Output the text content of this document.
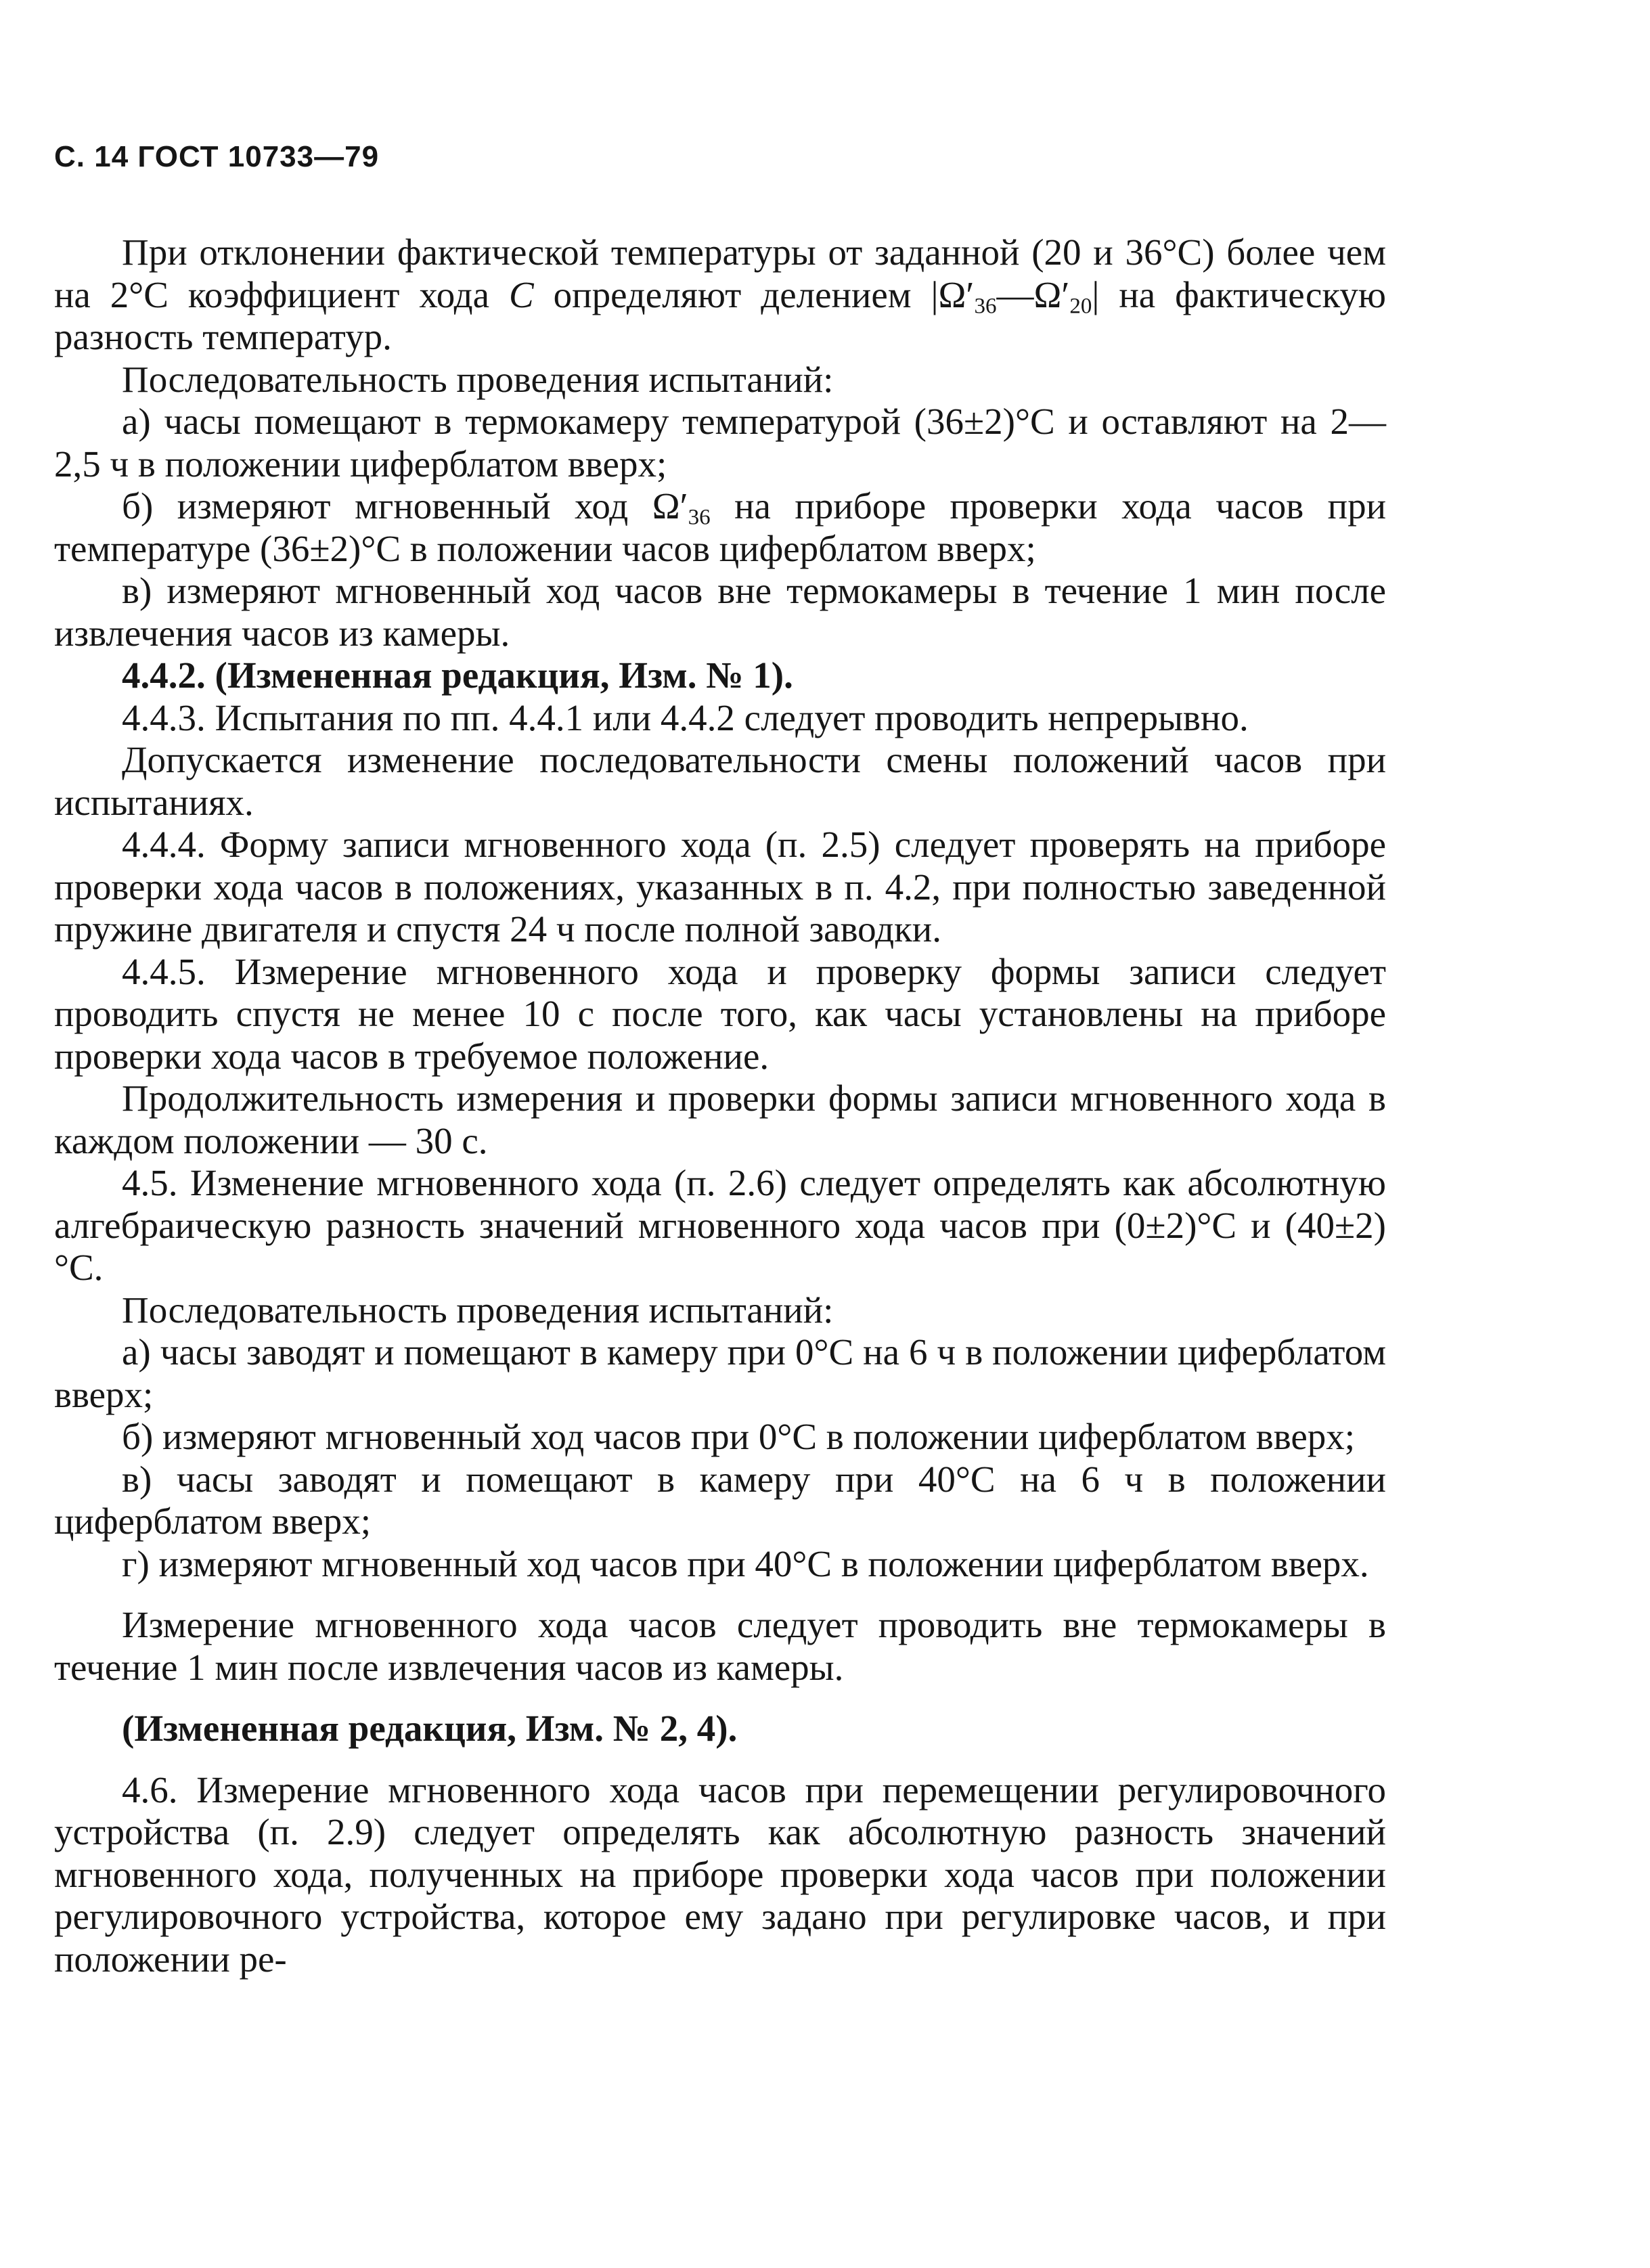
С. 14 ГОСТ 10733—79

При отклонении фактической температуры от заданной (20 и 36°С) более чем на 2°С коэффициент хода C определяют делением $|\Omega'_{36}—\Omega'_{20}|$ на фактическую разность температур.

Последовательность проведения испытаний:

а) часы помещают в термокамеру температурой (36±2)°С и оставляют на 2—2,5 ч в положении циферблатом вверх;

б) измеряют мгновенный ход $\Omega'_{36}$ на приборе проверки хода часов при температуре (36±2)°С в положении часов циферблатом вверх;

в) измеряют мгновенный ход часов вне термокамеры в течение 1 мин после извлечения часов из камеры.

4.4.2. (Измененная редакция, Изм. № 1).

4.4.3. Испытания по пп. 4.4.1 или 4.4.2 следует проводить непрерывно.

Допускается изменение последовательности смены положений часов при испытаниях.

4.4.4. Форму записи мгновенного хода (п. 2.5) следует проверять на приборе проверки хода часов в положениях, указанных в п. 4.2, при полностью заведенной пружине двигателя и спустя 24 ч после полной заводки.

4.4.5. Измерение мгновенного хода и проверку формы записи следует проводить спустя не менее 10 с после того, как часы установлены на приборе проверки хода часов в требуемое положение.

Продолжительность измерения и проверки формы записи мгновенного хода в каждом положении — 30 с.

4.5. Изменение мгновенного хода (п. 2.6) следует определять как абсолютную алгебраическую разность значений мгновенного хода часов при (0±2)°С и (40±2)°С.

Последовательность проведения испытаний:

а) часы заводят и помещают в камеру при 0°С на 6 ч в положении циферблатом вверх;

б) измеряют мгновенный ход часов при 0°С в положении циферблатом вверх;

в) часы заводят и помещают в камеру при 40°С на 6 ч в положении циферблатом вверх;

г) измеряют мгновенный ход часов при 40°С в положении циферблатом вверх.

Измерение мгновенного хода часов следует проводить вне термокамеры в течение 1 мин после извлечения часов из камеры.

(Измененная редакция, Изм. № 2, 4).

4.6. Измерение мгновенного хода часов при перемещении регулировочного устройства (п. 2.9) следует определять как абсолютную разность значений мгновенного хода, полученных на приборе проверки хода часов при положении регулировочного устройства, которое ему задано при регулировке часов, и при положении ре-
